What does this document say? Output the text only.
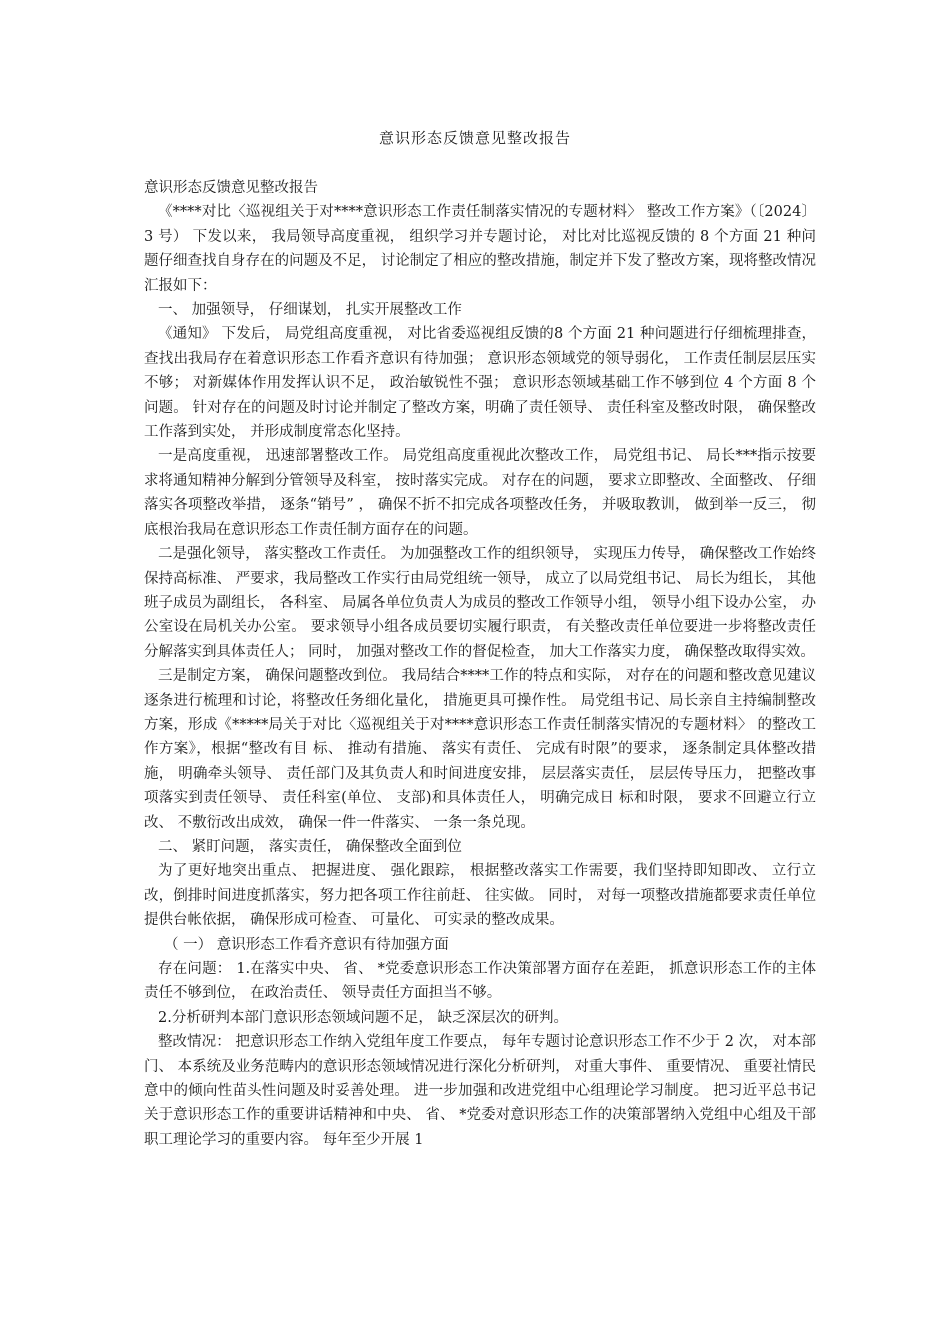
意识形态反馈意见整改报告

意识形态反馈意见整改报告

《****对比〈巡视组关于对****意识形态工作责任制落实情况的专题材料〉 整改工作方案》（〔2024〕 3 号） 下发以来， 我局领导高度重视， 组织学习并专题讨论， 对比对比巡视反馈的 8 个方面 21 种问题仔细查找自身存在的问题及不足， 讨论制定了相应的整改措施，制定并下发了整改方案，现将整改情况汇报如下：

一、 加强领导， 仔细谋划， 扎实开展整改工作

《通知》 下发后， 局党组高度重视， 对比省委巡视组反馈的8 个方面 21 种问题进行仔细梳理排查， 查找出我局存在着意识形态工作看齐意识有待加强； 意识形态领域党的领导弱化， 工作责任制层层压实不够； 对新媒体作用发挥认识不足， 政治敏锐性不强； 意识形态领域基础工作不够到位 4 个方面 8 个问题。 针对存在的问题及时讨论并制定了整改方案，明确了责任领导、 责任科室及整改时限， 确保整改工作落到实处， 并形成制度常态化坚持。

一是高度重视， 迅速部署整改工作。 局党组高度重视此次整改工作， 局党组书记、 局长***指示按要求将通知精神分解到分管领导及科室， 按时落实完成。 对存在的问题， 要求立即整改、全面整改、 仔细落实各项整改举措， 逐条“销号” ， 确保不折不扣完成各项整改任务， 并吸取教训， 做到举一反三， 彻底根治我局在意识形态工作责任制方面存在的问题。

二是强化领导， 落实整改工作责任。 为加强整改工作的组织领导， 实现压力传导， 确保整改工作始终保持高标准、 严要求，我局整改工作实行由局党组统一领导， 成立了以局党组书记、 局长为组长， 其他班子成员为副组长， 各科室、 局属各单位负责人为成员的整改工作领导小组， 领导小组下设办公室， 办公室设在局机关办公室。 要求领导小组各成员要切实履行职责， 有关整改责任单位要进一步将整改责任分解落实到具体责任人； 同时， 加强对整改工作的督促检查， 加大工作落实力度， 确保整改取得实效。

三是制定方案， 确保问题整改到位。 我局结合****工作的特点和实际， 对存在的问题和整改意见建议逐条进行梳理和讨论，将整改任务细化量化， 措施更具可操作性。 局党组书记、局长亲自主持编制整改方案，形成《*****局关于对比〈巡视组关于对****意识形态工作责任制落实情况的专题材料〉 的整改工作方案》，根据“整改有目 标、 推动有措施、 落实有责任、 完成有时限”的要求， 逐条制定具体整改措施， 明确牵头领导、 责任部门及其负责人和时间进度安排， 层层落实责任， 层层传导压力， 把整改事项落实到责任领导、 责任科室(单位、 支部)和具体责任人， 明确完成日 标和时限， 要求不回避立行立改、 不敷衍改出成效， 确保一件一件落实、 一条一条兑现。

二、 紧盯问题， 落实责任， 确保整改全面到位

为了更好地突出重点、 把握进度、 强化跟踪， 根据整改落实工作需要，我们坚持即知即改、 立行立改，倒排时间进度抓落实，努力把各项工作往前赶、 往实做。 同时， 对每一项整改措施都要求责任单位提供台帐依据， 确保形成可检查、 可量化、 可实录的整改成果。

（ 一） 意识形态工作看齐意识有待加强方面

存在问题： 1.在落实中央、 省、 *党委意识形态工作决策部署方面存在差距， 抓意识形态工作的主体责任不够到位， 在政治责任、 领导责任方面担当不够。

2.分析研判本部门意识形态领域问题不足， 缺乏深层次的研判。

整改情况： 把意识形态工作纳入党组年度工作要点， 每年专题讨论意识形态工作不少于 2 次， 对本部门、 本系统及业务范畴内的意识形态领域情况进行深化分析研判， 对重大事件、 重要情况、 重要社情民意中的倾向性苗头性问题及时妥善处理。 进一步加强和改进党组中心组理论学习制度。 把习近平总书记关于意识形态工作的重要讲话精神和中央、 省、 *党委对意识形态工作的决策部署纳入党组中心组及干部职工理论学习的重要内容。 每年至少开展 1
